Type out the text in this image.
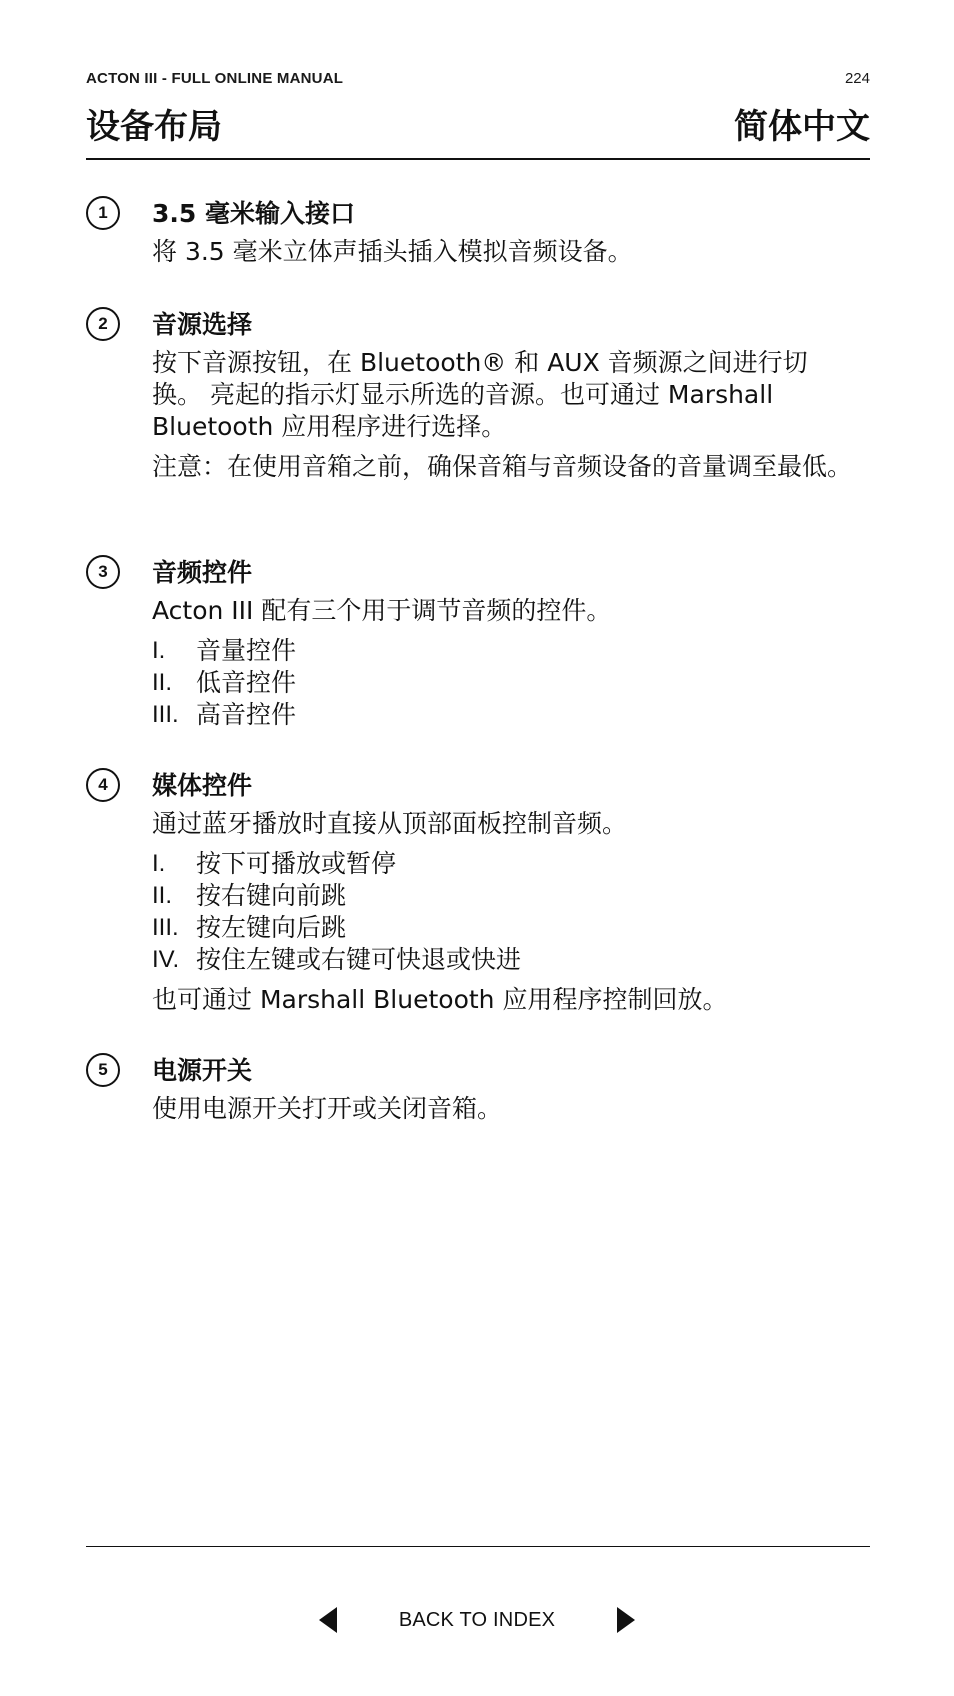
ACTON III - FULL ONLINE MANUAL	224
设备布局	简体中文
1	3.5 毫米输入接口

将 3.5 毫米立体声插头插入模拟音频设备。

2	音源选择

按下音源按钮，在 Bluetooth® 和 AUX 音频源之间进行切换。 亮起的指示灯显示所选的音源。也可通过 Marshall Bluetooth 应用程序进行选择。

注意：在使用音箱之前，确保音箱与音频设备的音量调至最低。

3	音频控件

Acton III 配有三个用于调节音频的控件。

I.	音量控件
II. 低音控件
III. 高音控件
4	媒体控件

通过蓝牙播放时直接从顶部面板控制音频。

I.	按下可播放或暂停
II. 按右键向前跳
III. 按左键向后跳
IV. 按住左键或右键可快退或快进

也可通过 Marshall Bluetooth 应用程序控制回放。

5	电源开关

使用电源开关打开或关闭音箱。

BACK TO INDEX
